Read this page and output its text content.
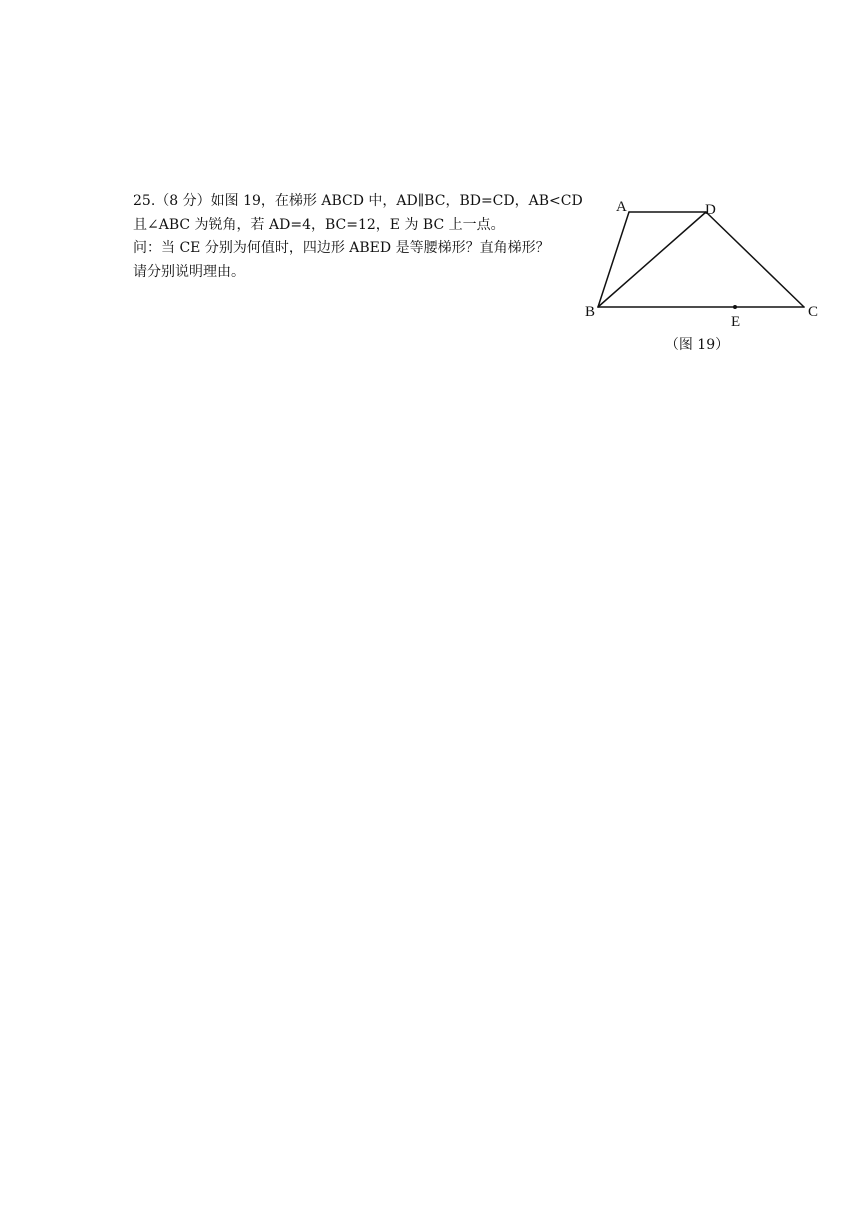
25.（8 分）如图 19，在梯形 ABCD 中，AD∥BC，BD=CD，AB<CD

且∠ABC 为锐角，若 AD=4，BC=12，E 为 BC 上一点。

问：当 CE 分别为何值时，四边形 ABED 是等腰梯形？直角梯形？

请分别说明理由。

A	D
B
E
C
（图 19）
